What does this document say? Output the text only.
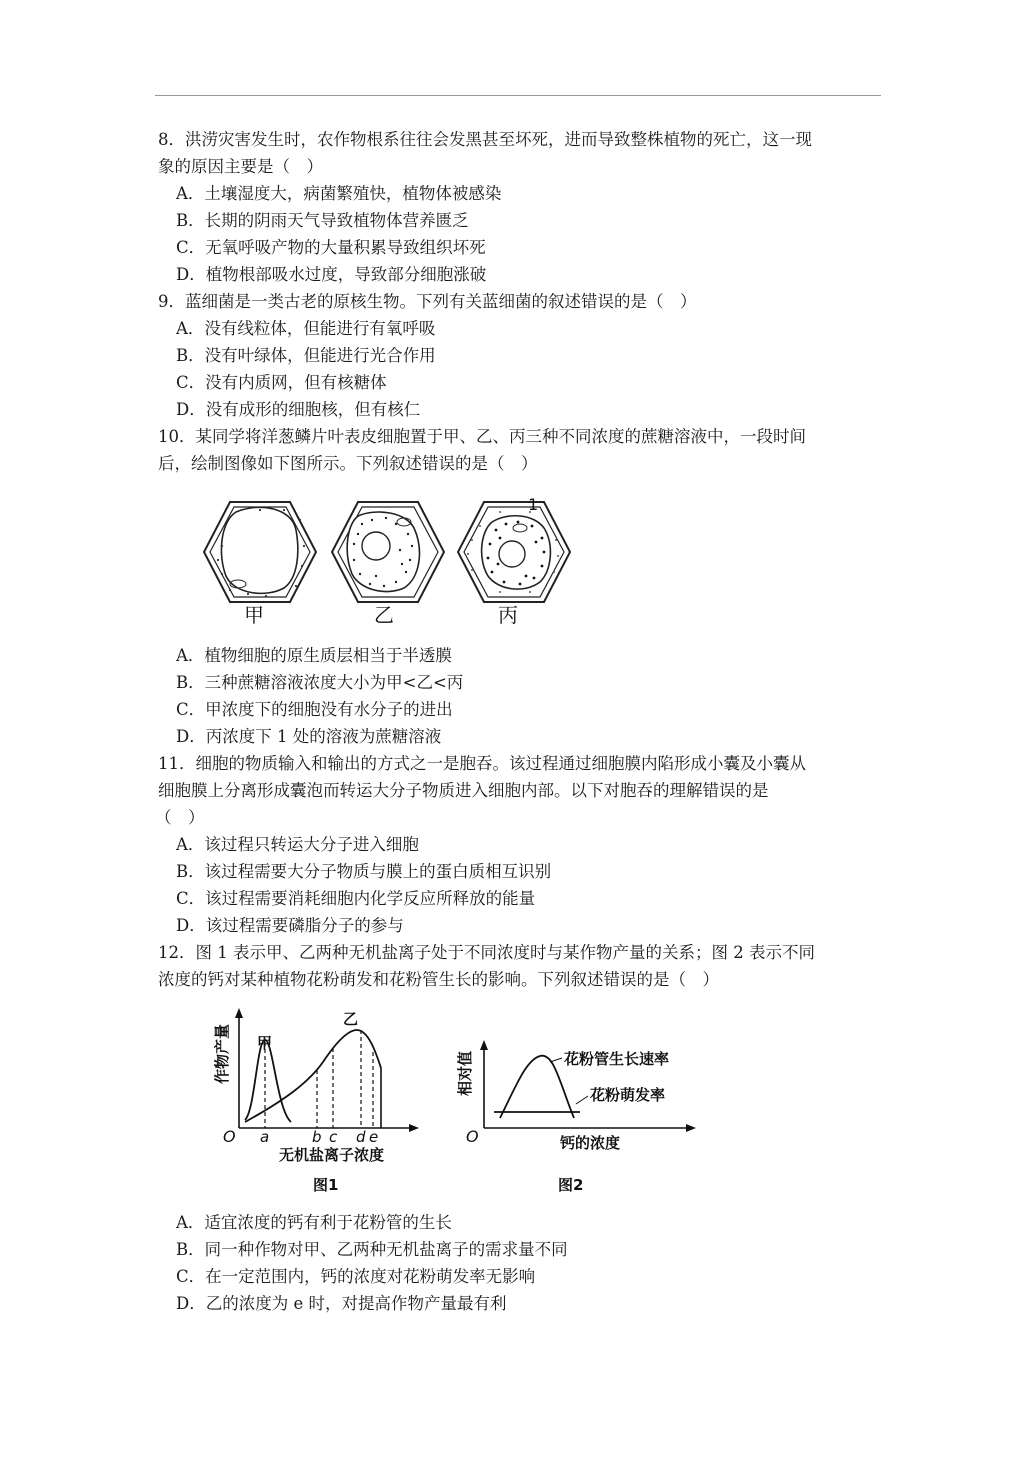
8．洪涝灾害发生时，农作物根系往往会发黑甚至坏死，进而导致整株植物的死亡，这一现
象的原因主要是（　）
A．土壤湿度大，病菌繁殖快，植物体被感染
B．长期的阴雨天气导致植物体营养匮乏
C．无氧呼吸产物的大量积累导致组织坏死
D．植物根部吸水过度，导致部分细胞涨破
9．蓝细菌是一类古老的原核生物。下列有关蓝细菌的叙述错误的是（　）
A．没有线粒体，但能进行有氧呼吸
B．没有叶绿体，但能进行光合作用
C．没有内质网，但有核糖体
D．没有成形的细胞核，但有核仁
10．某同学将洋葱鳞片叶表皮细胞置于甲、乙、丙三种不同浓度的蔗糖溶液中，一段时间
后，绘制图像如下图所示。下列叙述错误的是（　）
1
甲	乙	丙
A．植物细胞的原生质层相当于半透膜
B．三种蔗糖溶液浓度大小为甲<乙<丙
C．甲浓度下的细胞没有水分子的进出
D．丙浓度下 1 处的溶液为蔗糖溶液
11．细胞的物质输入和输出的方式之一是胞吞。该过程通过细胞膜内陷形成小囊及小囊从
细胞膜上分离形成囊泡而转运大分子物质进入细胞内部。以下对胞吞的理解错误的是
（　）
A．该过程只转运大分子进入细胞
B．该过程需要大分子物质与膜上的蛋白质相互识别
C．该过程需要消耗细胞内化学反应所释放的能量
D．该过程需要磷脂分子的参与
12．图 1 表示甲、乙两种无机盐离子处于不同浓度时与某作物产量的关系；图 2 表示不同
浓度的钙对某种植物花粉萌发和花粉管生长的影响。下列叙述错误的是（　）
作物产量 甲
乙
O a	b c d e
无机盐离子浓度
图1
相对值	花粉管生长速率
花粉萌发率
O	钙的浓度
图2
A．适宜浓度的钙有利于花粉管的生长
B．同一种作物对甲、乙两种无机盐离子的需求量不同
C．在一定范围内，钙的浓度对花粉萌发率无影响
D．乙的浓度为 e 时，对提高作物产量最有利
